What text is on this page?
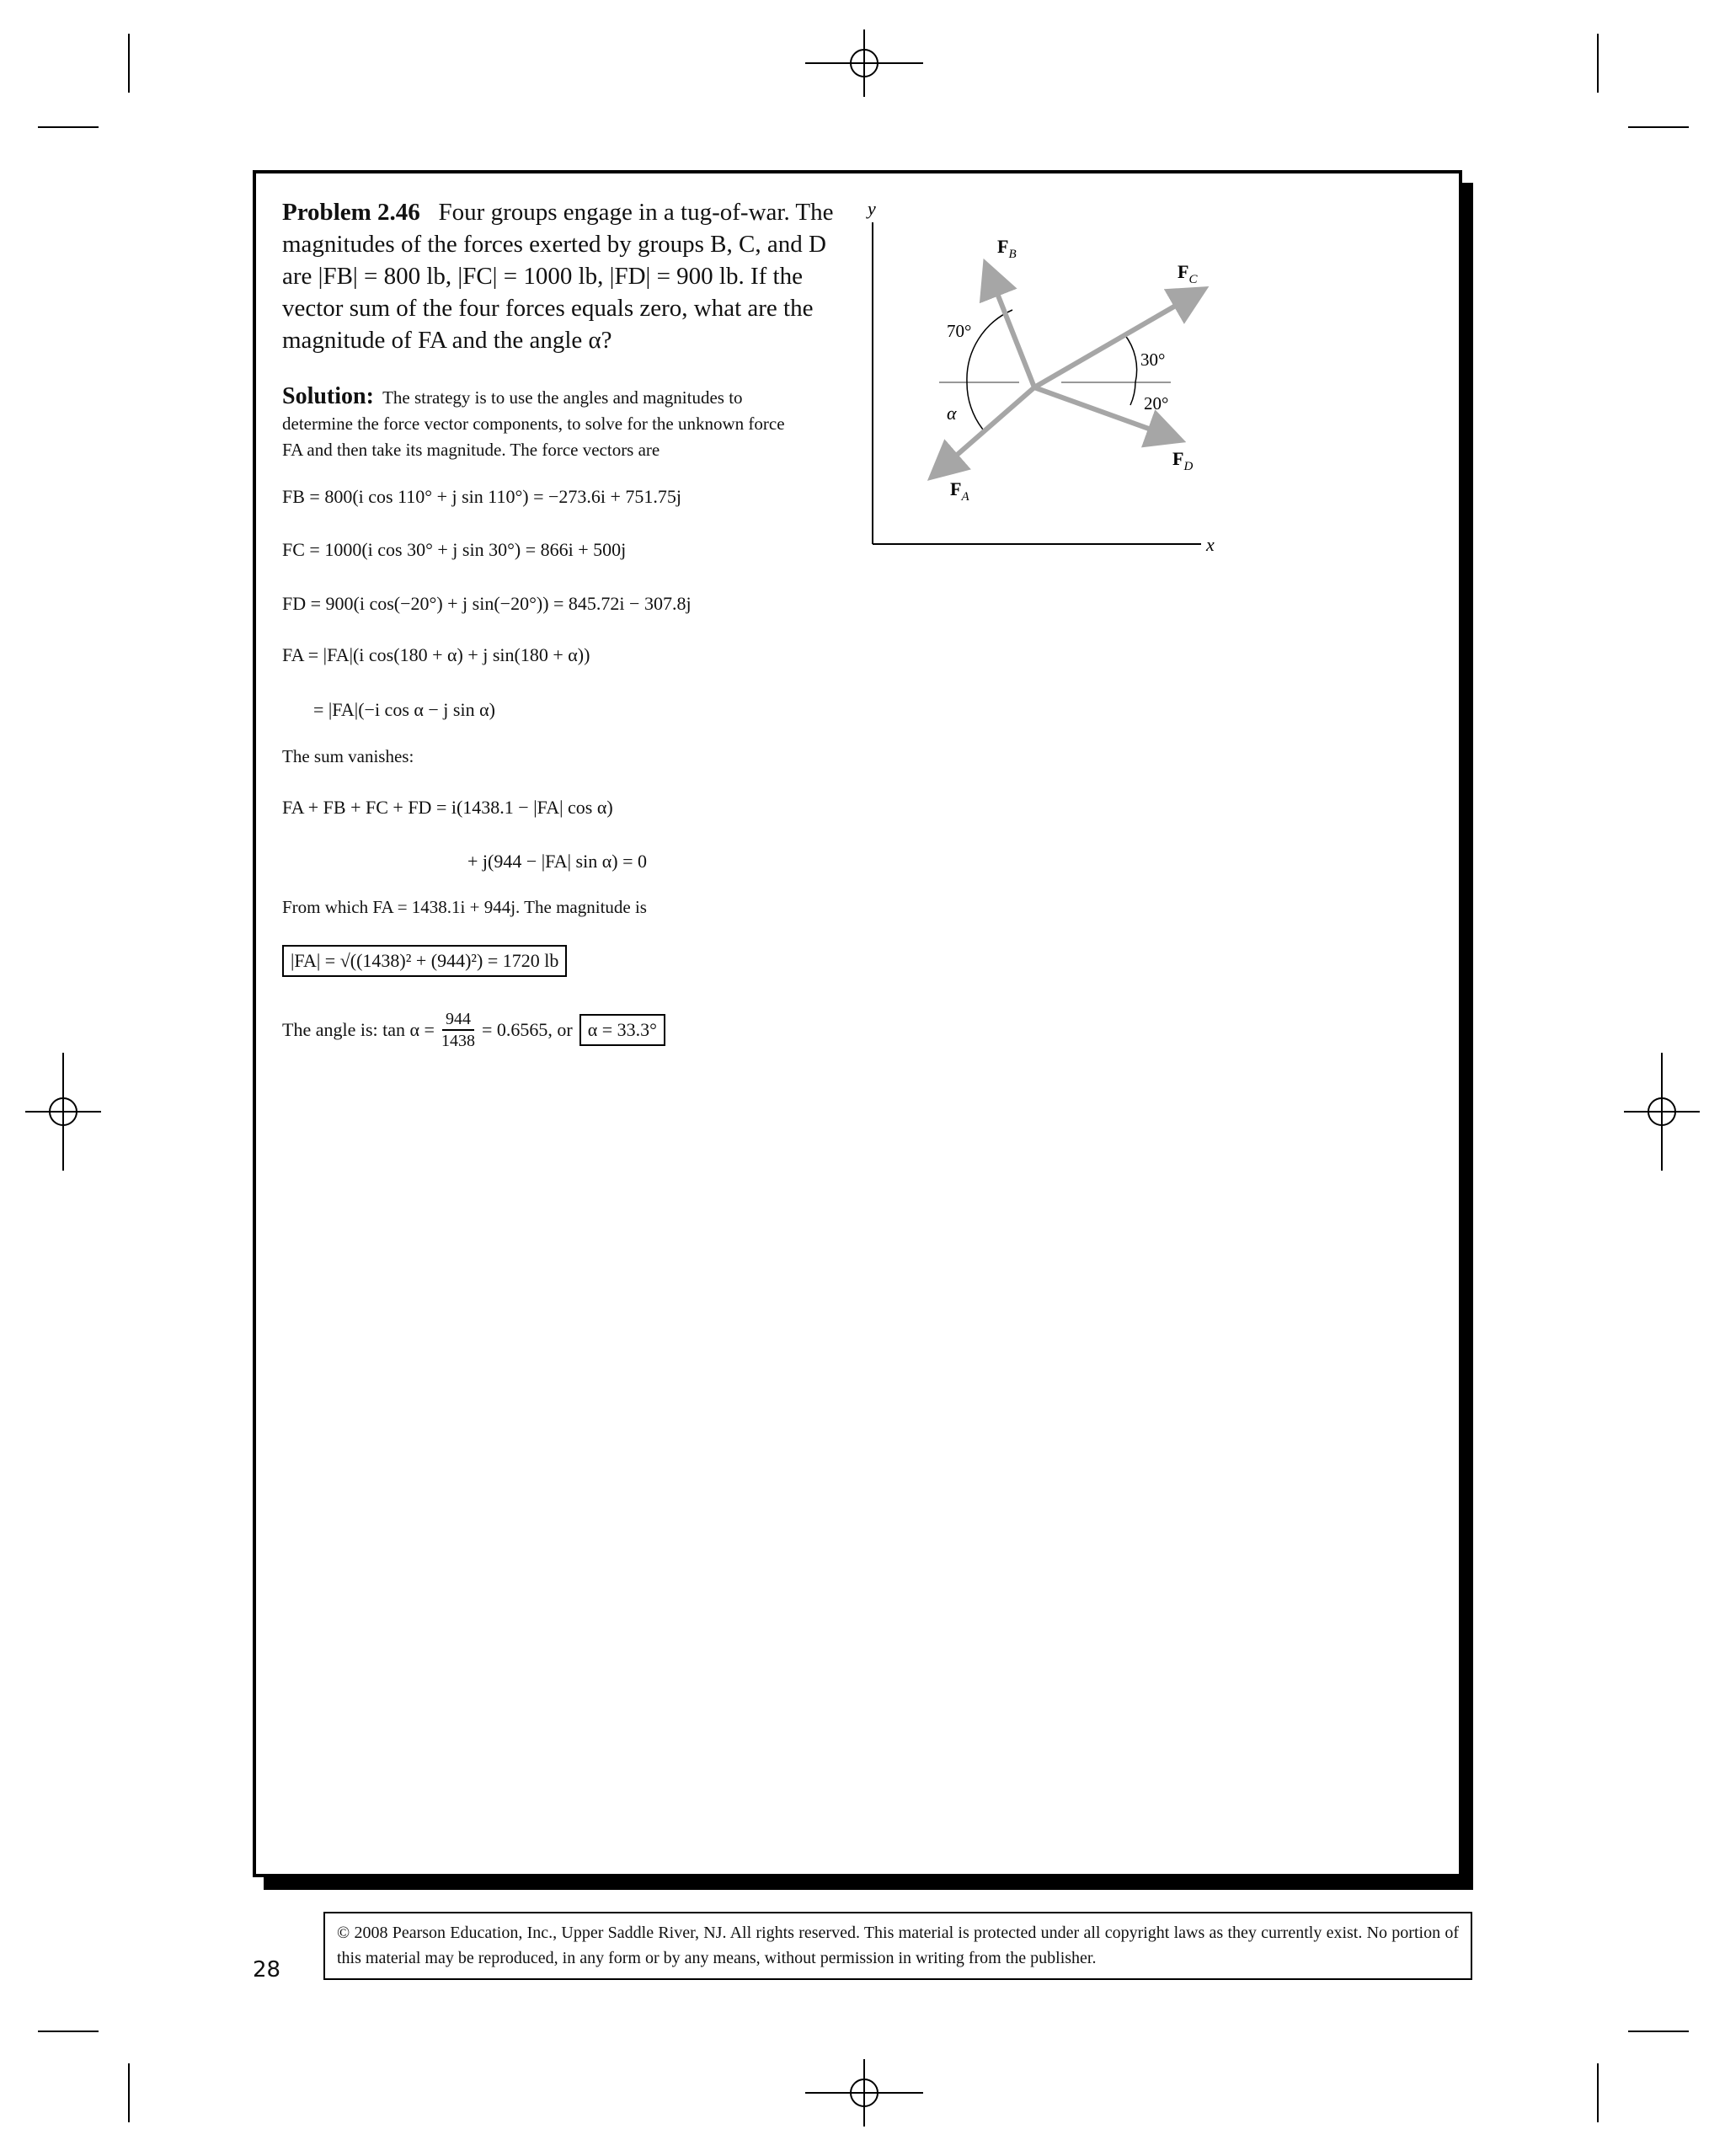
Problem 2.46 Four groups engage in a tug-of-war. The
magnitudes of the forces exerted by groups B, C, and D
are |FB| = 800 lb, |FC| = 1000 lb, |FD| = 900 lb. If the
vector sum of the four forces equals zero, what are the
magnitude of FA and the angle α?
Solution: The strategy is to use the angles and magnitudes to
determine the force vector components, to solve for the unknown force
FA and then take its magnitude. The force vectors are
FB = 800(i cos 110° + j sin 110°) = −273.6i + 751.75j
FC = 1000(i cos 30° + j sin 30°) = 866i + 500j
FD = 900(i cos(−20°) + j sin(−20°)) = 845.72i − 307.8j
FA = |FA|(i cos(180 + α) + j sin(180 + α))
= |FA|(−i cos α − j sin α)
The sum vanishes:
FA + FB + FC + FD = i(1438.1 − |FA| cos α)
+ j(944 − |FA| sin α) = 0
From which FA = 1438.1i + 944j. The magnitude is
|FA| = √((1438)² + (944)²) = 1720 lb
The angle is: $\tan \alpha = \frac{944}{1438} = 0.6565$, or α = 33.3°
y
x
70°
α
30°
20°
$F_B$
$F_C$
$F_D$
$F_A$
© 2008 Pearson Education, Inc., Upper Saddle River, NJ. All rights reserved. This material is protected under all copyright laws as they currently exist. No portion of this material may be reproduced, in any form or by any means, without permission in writing from the publisher.
28
